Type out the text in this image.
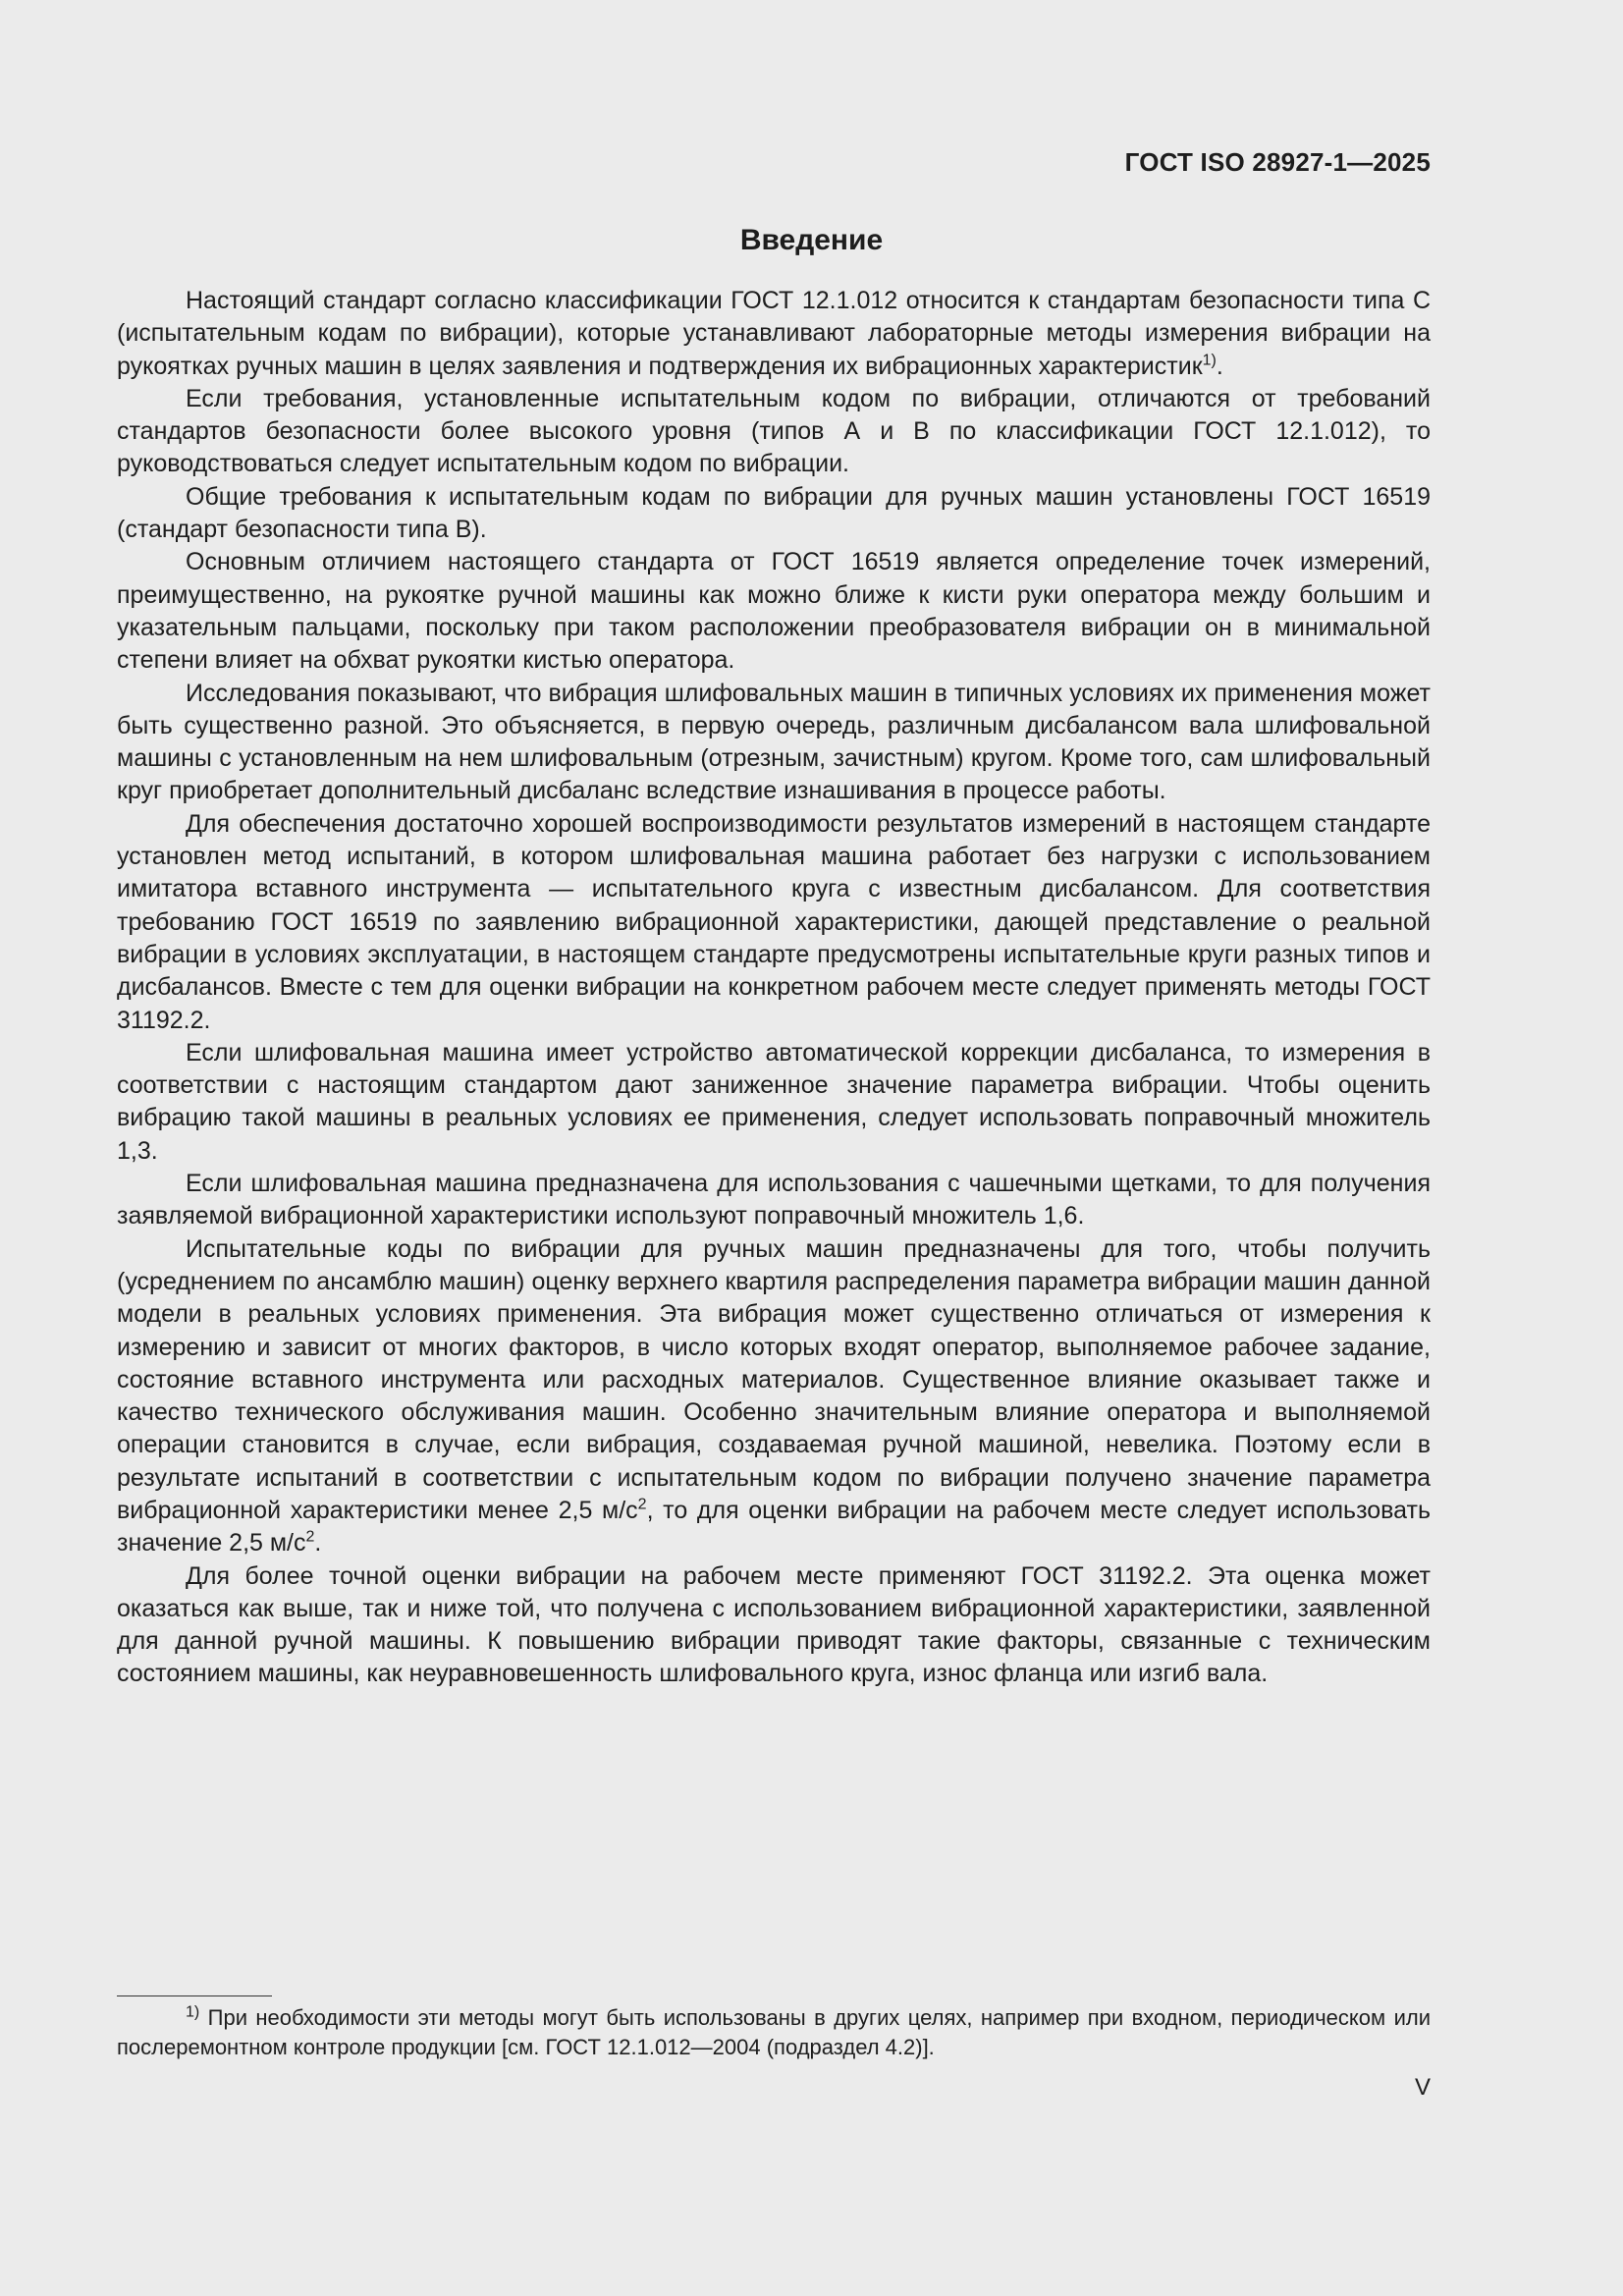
ГОСТ ISO 28927-1—2025
Введение

Настоящий стандарт согласно классификации ГОСТ 12.1.012 относится к стандартам безопасности типа С (испытательным кодам по вибрации), которые устанавливают лабораторные методы измерения вибрации на рукоятках ручных машин в целях заявления и подтверждения их вибрационных характеристик$^{1)}$.

Если требования, установленные испытательным кодом по вибрации, отличаются от требований стандартов безопасности более высокого уровня (типов А и В по классификации ГОСТ 12.1.012), то руководствоваться следует испытательным кодом по вибрации.

Общие требования к испытательным кодам по вибрации для ручных машин установлены ГОСТ 16519 (стандарт безопасности типа В).

Основным отличием настоящего стандарта от ГОСТ 16519 является определение точек измерений, преимущественно, на рукоятке ручной машины как можно ближе к кисти руки оператора между большим и указательным пальцами, поскольку при таком расположении преобразователя вибрации он в минимальной степени влияет на обхват рукоятки кистью оператора.

Исследования показывают, что вибрация шлифовальных машин в типичных условиях их применения может быть существенно разной. Это объясняется, в первую очередь, различным дисбалансом вала шлифовальной машины с установленным на нем шлифовальным (отрезным, зачистным) кругом. Кроме того, сам шлифовальный круг приобретает дополнительный дисбаланс вследствие изнашивания в процессе работы.

Для обеспечения достаточно хорошей воспроизводимости результатов измерений в настоящем стандарте установлен метод испытаний, в котором шлифовальная машина работает без нагрузки с использованием имитатора вставного инструмента — испытательного круга с известным дисбалансом. Для соответствия требованию ГОСТ 16519 по заявлению вибрационной характеристики, дающей представление о реальной вибрации в условиях эксплуатации, в настоящем стандарте предусмотрены испытательные круги разных типов и дисбалансов. Вместе с тем для оценки вибрации на конкретном рабочем месте следует применять методы ГОСТ 31192.2.

Если шлифовальная машина имеет устройство автоматической коррекции дисбаланса, то измерения в соответствии с настоящим стандартом дают заниженное значение параметра вибрации. Чтобы оценить вибрацию такой машины в реальных условиях ее применения, следует использовать поправочный множитель 1,3.

Если шлифовальная машина предназначена для использования с чашечными щетками, то для получения заявляемой вибрационной характеристики используют поправочный множитель 1,6.

Испытательные коды по вибрации для ручных машин предназначены для того, чтобы получить (усреднением по ансамблю машин) оценку верхнего квартиля распределения параметра вибрации машин данной модели в реальных условиях применения. Эта вибрация может существенно отличаться от измерения к измерению и зависит от многих факторов, в число которых входят оператор, выполняемое рабочее задание, состояние вставного инструмента или расходных материалов. Существенное влияние оказывает также и качество технического обслуживания машин. Особенно значительным влияние оператора и выполняемой операции становится в случае, если вибрация, создаваемая ручной машиной, невелика. Поэтому если в результате испытаний в соответствии с испытательным кодом по вибрации получено значение параметра вибрационной характеристики менее 2,5 $м/с^2$, то для оценки вибрации на рабочем месте следует использовать значение 2,5 $м/с^2$.

Для более точной оценки вибрации на рабочем месте применяют ГОСТ 31192.2. Эта оценка может оказаться как выше, так и ниже той, что получена с использованием вибрационной характеристики, заявленной для данной ручной машины. К повышению вибрации приводят такие факторы, связанные с техническим состоянием машины, как неуравновешенность шлифовального круга, износ фланца или изгиб вала.

$^{1)}$ При необходимости эти методы могут быть использованы в других целях, например при входном, периодическом или послеремонтном контроле продукции [см. ГОСТ 12.1.012—2004 (подраздел 4.2)].
V
